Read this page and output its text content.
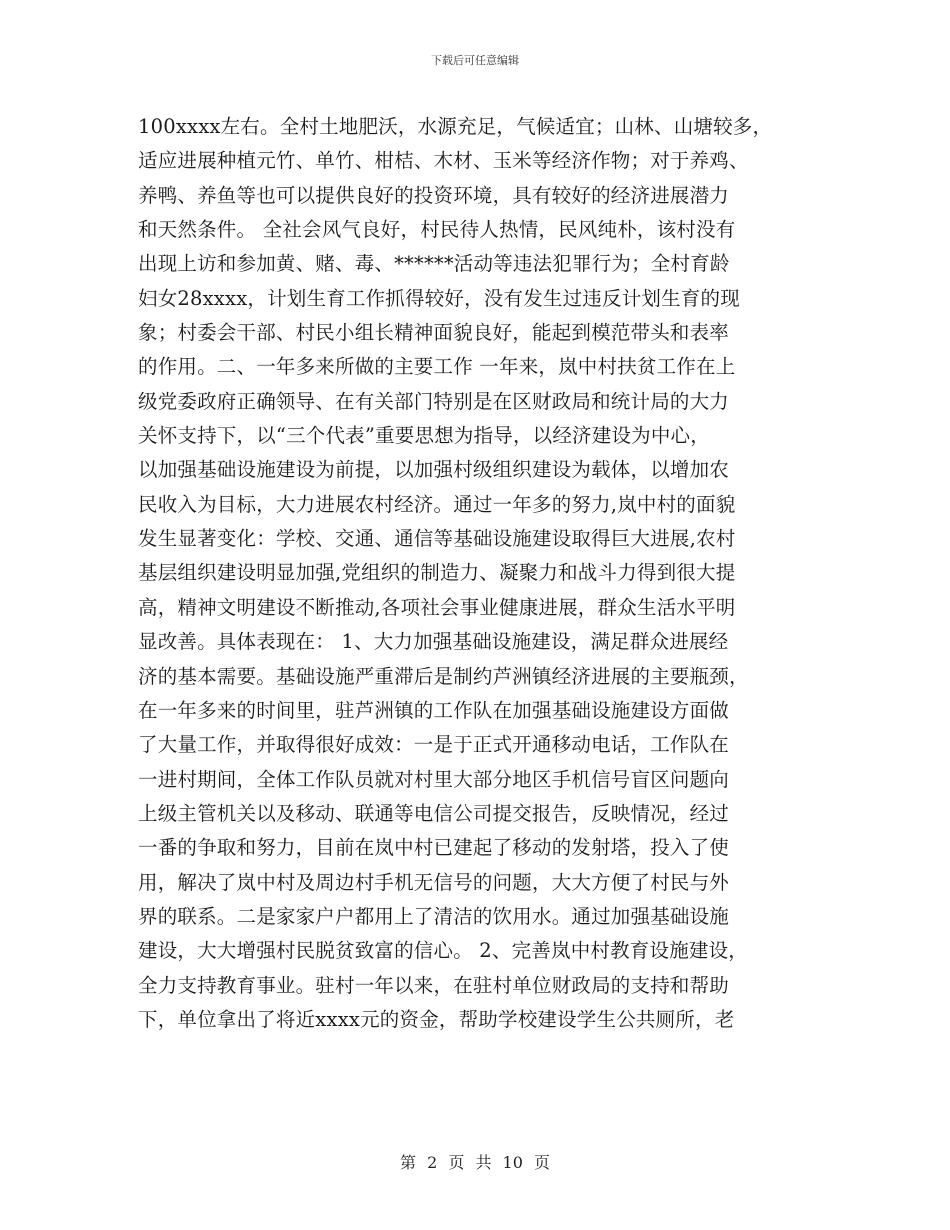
下载后可任意编辑
100xxxx左右。全村土地肥沃，水源充足，气候适宜；山林、山塘较多，
适应进展种植元竹、单竹、柑桔、木材、玉米等经济作物；对于养鸡、
养鸭、养鱼等也可以提供良好的投资环境，具有较好的经济进展潜力
和天然条件。 全社会风气良好，村民待人热情，民风纯朴，该村没有
出现上访和参加黄、赌、毒、******活动等违法犯罪行为；全村育龄
妇女28xxxx，计划生育工作抓得较好，没有发生过违反计划生育的现
象；村委会干部、村民小组长精神面貌良好，能起到模范带头和表率
的作用。二、一年多来所做的主要工作 一年来，岚中村扶贫工作在上
级党委政府正确领导、在有关部门特别是在区财政局和统计局的大力
关怀支持下，以“三个代表”重要思想为指导，以经济建设为中心，
以加强基础设施建设为前提，以加强村级组织建设为载体，以增加农
民收入为目标，大力进展农村经济。通过一年多的努力,岚中村的面貌
发生显著变化：学校、交通、通信等基础设施建设取得巨大进展,农村
基层组织建设明显加强,党组织的制造力、凝聚力和战斗力得到很大提
高，精神文明建设不断推动,各项社会事业健康进展，群众生活水平明
显改善。具体表现在： 1、大力加强基础设施建设，满足群众进展经
济的基本需要。基础设施严重滞后是制约芦洲镇经济进展的主要瓶颈，
在一年多来的时间里，驻芦洲镇的工作队在加强基础设施建设方面做
了大量工作，并取得很好成效：一是于正式开通移动电话，工作队在
一进村期间，全体工作队员就对村里大部分地区手机信号盲区问题向
上级主管机关以及移动、联通等电信公司提交报告，反映情况，经过
一番的争取和努力，目前在岚中村已建起了移动的发射塔，投入了使
用，解决了岚中村及周边村手机无信号的问题，大大方便了村民与外
界的联系。二是家家户户都用上了清洁的饮用水。通过加强基础设施
建设，大大增强村民脱贫致富的信心。 2、完善岚中村教育设施建设，
全力支持教育事业。驻村一年以来，在驻村单位财政局的支持和帮助
下，单位拿出了将近xxxx元的资金，帮助学校建设学生公共厕所，老
第 2 页 共 10 页
